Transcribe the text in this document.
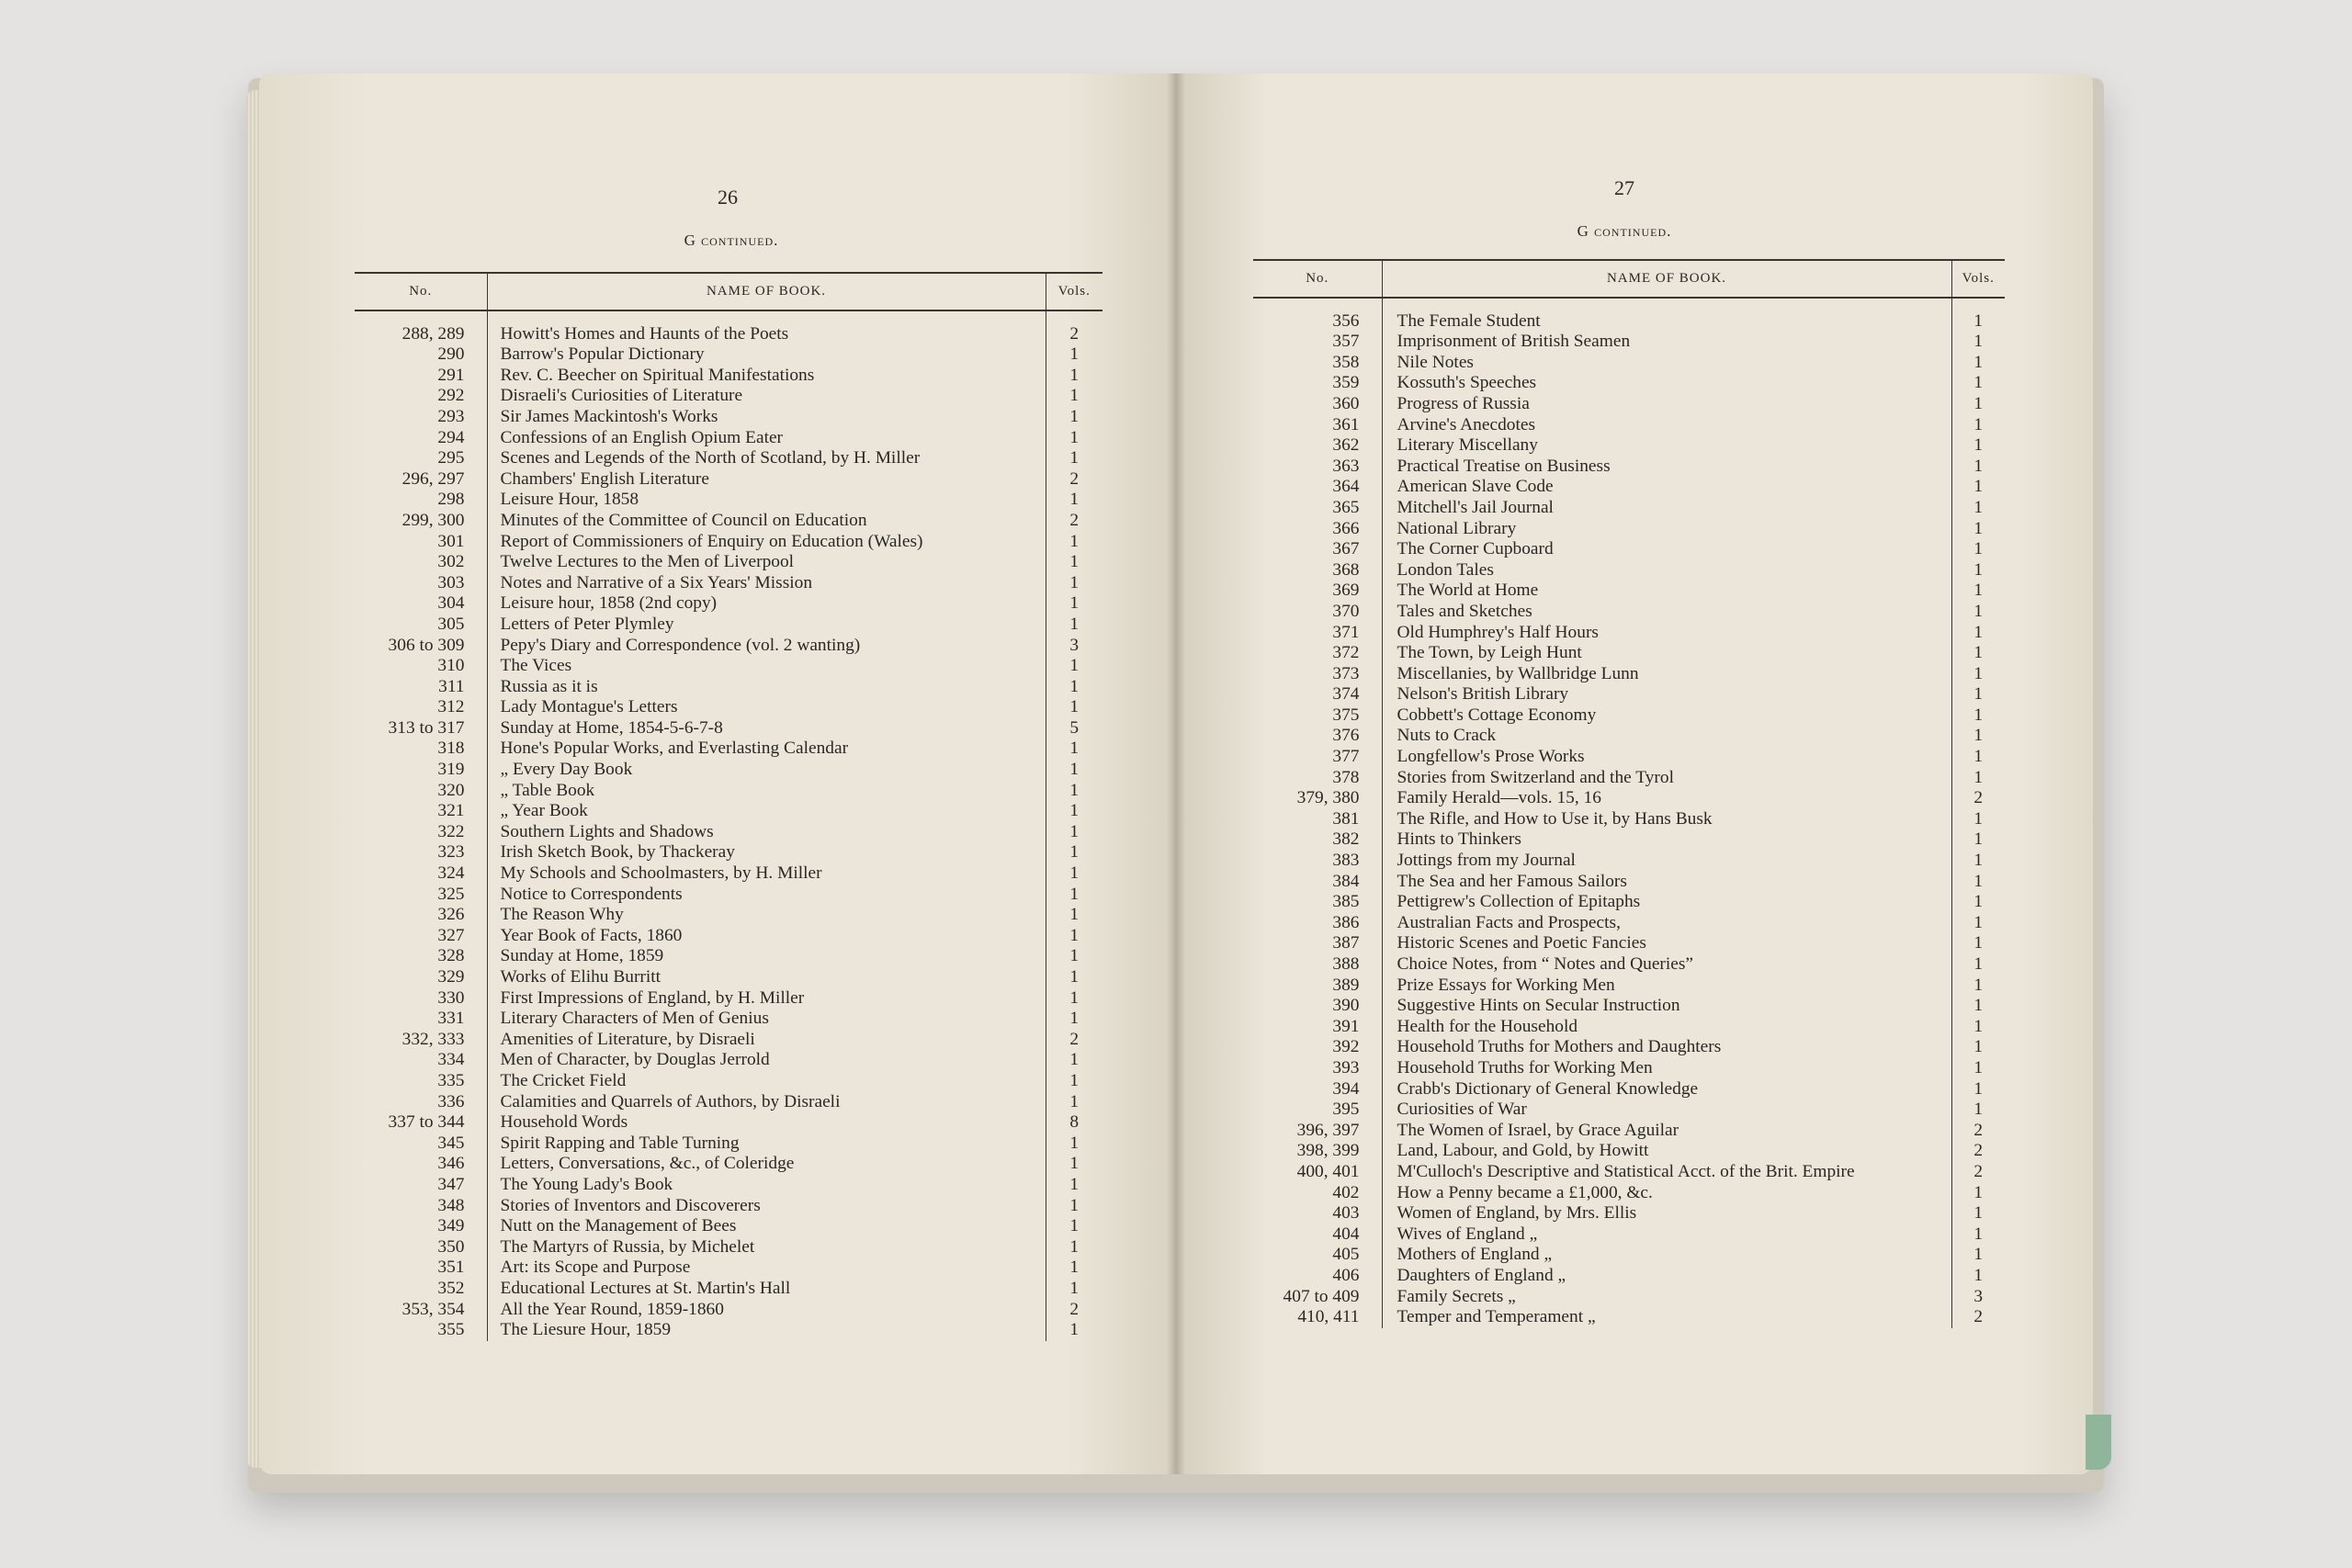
26
G continued.
27
G continued.
No.	NAME OF BOOK.	Vols.
288, 289	Howitt's Homes and Haunts of the Poets	2
290	Barrow's Popular Dictionary	1
291	Rev. C. Beecher on Spiritual Manifestations	1
292	Disraeli's Curiosities of Literature	1
293	Sir James Mackintosh's Works	1
294	Confessions of an English Opium Eater	1
295	Scenes and Legends of the North of Scotland, by H. Miller	1
296, 297	Chambers' English Literature	2
298	Leisure Hour, 1858	1
299, 300	Minutes of the Committee of Council on Education	2
301	Report of Commissioners of Enquiry on Education (Wales)	1
302	Twelve Lectures to the Men of Liverpool	1
303	Notes and Narrative of a Six Years' Mission	1
304	Leisure hour, 1858 (2nd copy)	1
305	Letters of Peter Plymley	1
306 to 309	Pepy's Diary and Correspondence (vol. 2 wanting)	3
310	The Vices	1
311	Russia as it is	1
312	Lady Montague's Letters	1
313 to 317	Sunday at Home, 1854-5-6-7-8	5
318	Hone's Popular Works, and Everlasting Calendar	1
319	„ Every Day Book	1
320	„ Table Book	1
321	„ Year Book	1
322	Southern Lights and Shadows	1
323	Irish Sketch Book, by Thackeray	1
324	My Schools and Schoolmasters, by H. Miller	1
325	Notice to Correspondents	1
326	The Reason Why	1
327	Year Book of Facts, 1860	1
328	Sunday at Home, 1859	1
329	Works of Elihu Burritt	1
330	First Impressions of England, by H. Miller	1
331	Literary Characters of Men of Genius	1
332, 333	Amenities of Literature, by Disraeli	2
334	Men of Character, by Douglas Jerrold	1
335	The Cricket Field	1
336	Calamities and Quarrels of Authors, by Disraeli	1
337 to 344	Household Words	8
345	Spirit Rapping and Table Turning	1
346	Letters, Conversations, &c., of Coleridge	1
347	The Young Lady's Book	1
348	Stories of Inventors and Discoverers	1
349	Nutt on the Management of Bees	1
350	The Martyrs of Russia, by Michelet	1
351	Art: its Scope and Purpose	1
352	Educational Lectures at St. Martin's Hall	1
353, 354	All the Year Round, 1859-1860	2
355	The Liesure Hour, 1859	1
No.	NAME OF BOOK.	Vols.
356	The Female Student	1
357	Imprisonment of British Seamen	1
358	Nile Notes	1
359	Kossuth's Speeches	1
360	Progress of Russia	1
361	Arvine's Anecdotes	1
362	Literary Miscellany	1
363	Practical Treatise on Business	1
364	American Slave Code	1
365	Mitchell's Jail Journal	1
366	National Library	1
367	The Corner Cupboard	1
368	London Tales	1
369	The World at Home	1
370	Tales and Sketches	1
371	Old Humphrey's Half Hours	1
372	The Town, by Leigh Hunt	1
373	Miscellanies, by Wallbridge Lunn	1
374	Nelson's British Library	1
375	Cobbett's Cottage Economy	1
376	Nuts to Crack	1
377	Longfellow's Prose Works	1
378	Stories from Switzerland and the Tyrol	1
379, 380	Family Herald—vols. 15, 16	2
381	The Rifle, and How to Use it, by Hans Busk	1
382	Hints to Thinkers	1
383	Jottings from my Journal	1
384	The Sea and her Famous Sailors	1
385	Pettigrew's Collection of Epitaphs	1
386	Australian Facts and Prospects,	1
387	Historic Scenes and Poetic Fancies	1
388	Choice Notes, from “ Notes and Queries”	1
389	Prize Essays for Working Men	1
390	Suggestive Hints on Secular Instruction	1
391	Health for the Household	1
392	Household Truths for Mothers and Daughters	1
393	Household Truths for Working Men	1
394	Crabb's Dictionary of General Knowledge	1
395	Curiosities of War	1
396, 397	The Women of Israel, by Grace Aguilar	2
398, 399	Land, Labour, and Gold, by Howitt	2
400, 401	M'Culloch's Descriptive and Statistical Acct. of the Brit. Empire	2
402	How a Penny became a £1,000, &c.	1
403	Women of England, by Mrs. Ellis	1
404	Wives of England „	1
405	Mothers of England „	1
406	Daughters of England „	1
407 to 409	Family Secrets „	3
410, 411	Temper and Temperament „	2
